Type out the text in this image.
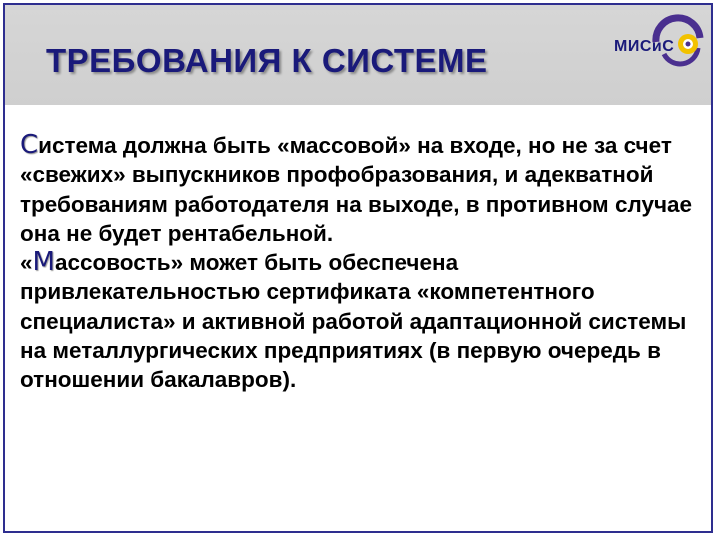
ТРЕБОВАНИЯ К СИСТЕМЕ	МИСиС

Система должна быть «массовой» на входе, но не за счет «свежих» выпускников профобразования, и адекватной требованиям работодателя на выходе, в противном случае она не будет рентабельной.

«Массовость» может быть обеспечена привлекательностью сертификата «компетентного специалиста» и активной работой адаптационной системы на металлургических предприятиях (в первую очередь в отношении бакалавров).
